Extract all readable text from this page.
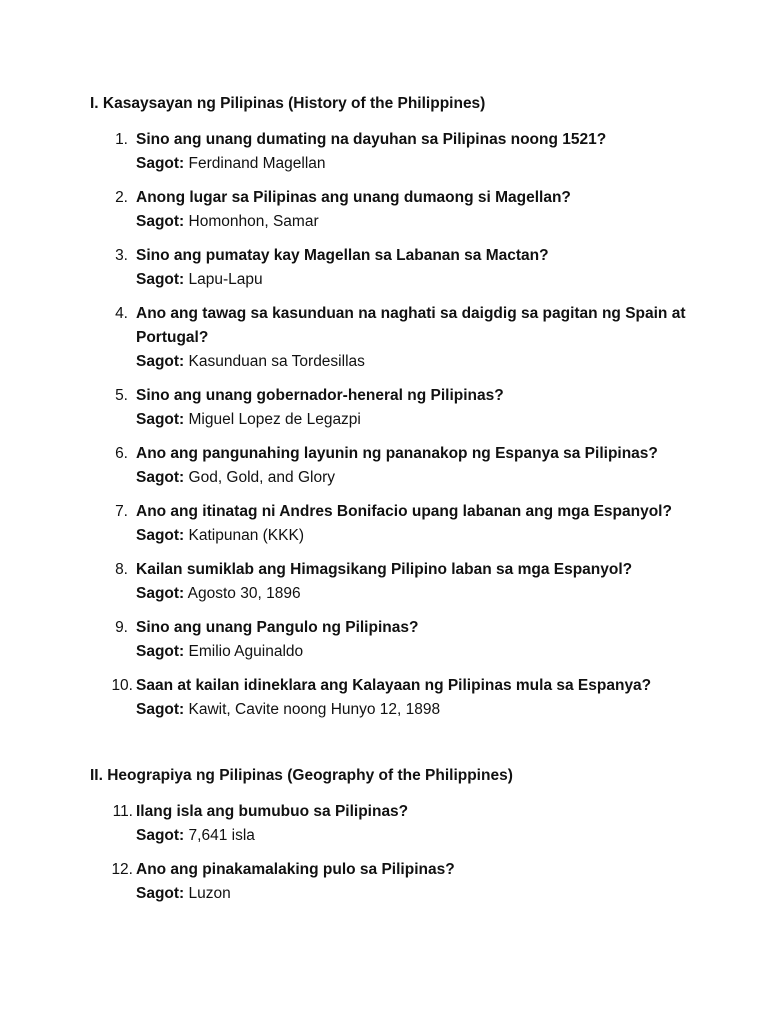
I. Kasaysayan ng Pilipinas (History of the Philippines)
1. Sino ang unang dumating na dayuhan sa Pilipinas noong 1521?
Sagot: Ferdinand Magellan
2. Anong lugar sa Pilipinas ang unang dumaong si Magellan?
Sagot: Homonhon, Samar
3. Sino ang pumatay kay Magellan sa Labanan sa Mactan?
Sagot: Lapu-Lapu
4. Ano ang tawag sa kasunduan na naghati sa daigdig sa pagitan ng Spain at Portugal?
Sagot: Kasunduan sa Tordesillas
5. Sino ang unang gobernador-heneral ng Pilipinas?
Sagot: Miguel Lopez de Legazpi
6. Ano ang pangunahing layunin ng pananakop ng Espanya sa Pilipinas?
Sagot: God, Gold, and Glory
7. Ano ang itinatag ni Andres Bonifacio upang labanan ang mga Espanyol?
Sagot: Katipunan (KKK)
8. Kailan sumiklab ang Himagsikang Pilipino laban sa mga Espanyol?
Sagot: Agosto 30, 1896
9. Sino ang unang Pangulo ng Pilipinas?
Sagot: Emilio Aguinaldo
10. Saan at kailan idineklara ang Kalayaan ng Pilipinas mula sa Espanya?
Sagot: Kawit, Cavite noong Hunyo 12, 1898
II. Heograpiya ng Pilipinas (Geography of the Philippines)
11. Ilang isla ang bumubuo sa Pilipinas?
Sagot: 7,641 isla
12. Ano ang pinakamalaking pulo sa Pilipinas?
Sagot: Luzon
